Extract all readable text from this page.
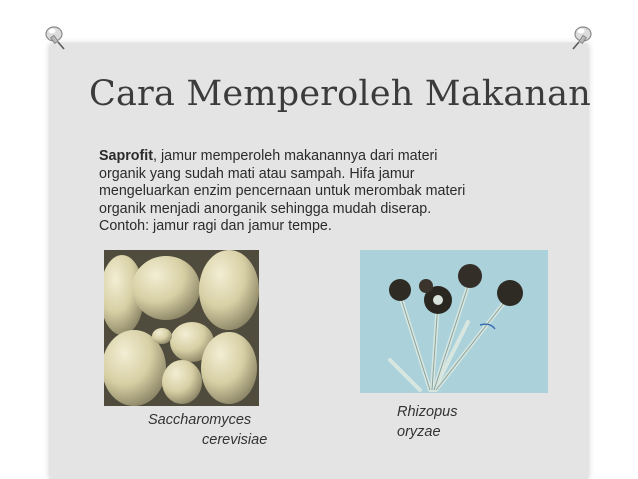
Cara Memperoleh Makanan
Saprofit, jamur memperoleh makanannya dari materi
organik yang sudah mati atau sampah. Hifa jamur
mengeluarkan enzim pencernaan untuk merombak materi
organik menjadi anorganik sehingga mudah diserap.
Contoh: jamur ragi dan jamur tempe.
Saccharomyces
cerevisiae
Rhizopus
oryzae
